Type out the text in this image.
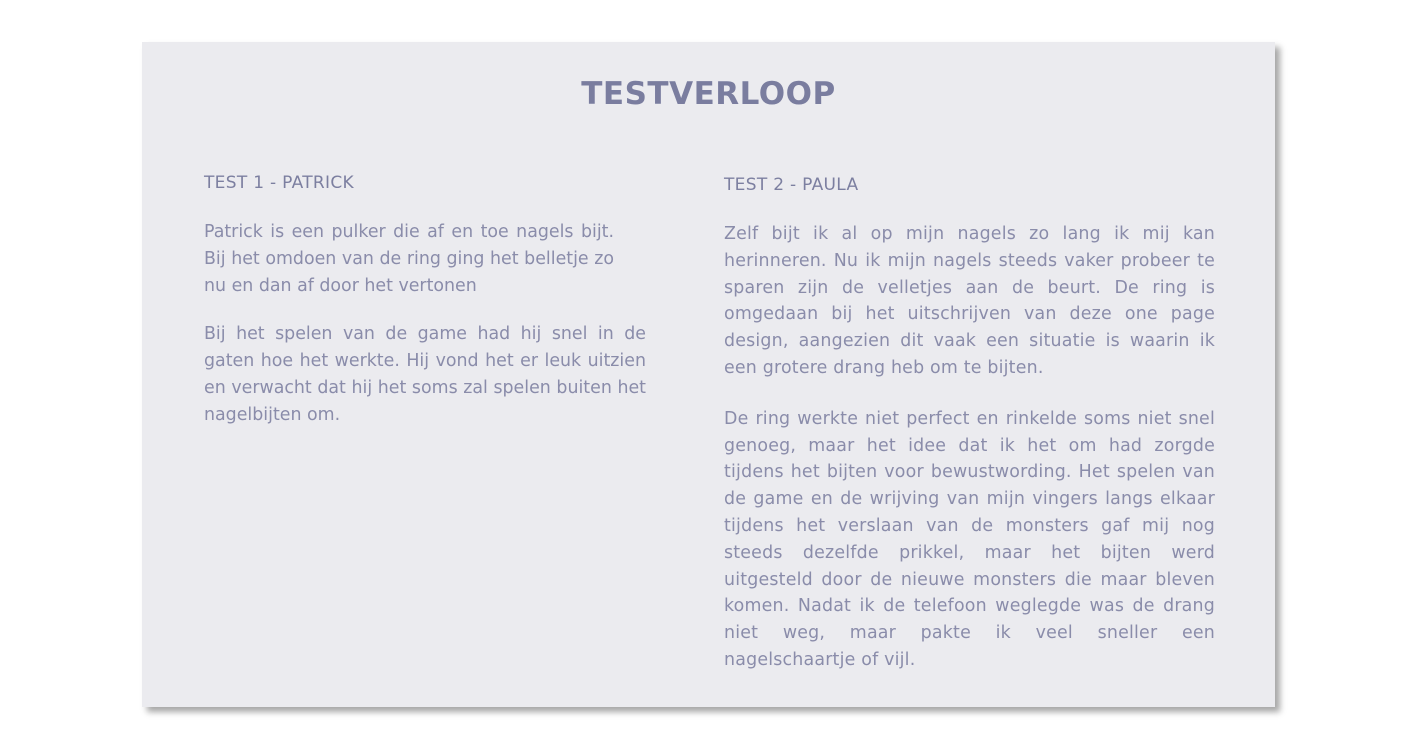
TESTVERLOOP
TEST 1 - PATRICK

Patrick is een pulker die af en toe nagels bijt. Bij het omdoen van de ring ging het belletje zo nu en dan af door het vertonen

Bij het spelen van de game had hij snel in de gaten hoe het werkte. Hij vond het er leuk uitzien en verwacht dat hij het soms zal spelen buiten het nagelbijten om.

TEST 2 - PAULA

Zelf bijt ik al op mijn nagels zo lang ik mij kan herinneren. Nu ik mijn nagels steeds vaker probeer te sparen zijn de velletjes aan de beurt. De ring is omgedaan bij het uitschrijven van deze one page design, aangezien dit vaak een situatie is waarin ik een grotere drang heb om te bijten.

De ring werkte niet perfect en rinkelde soms niet snel genoeg, maar het idee dat ik het om had zorgde tijdens het bijten voor bewustwording. Het spelen van de game en de wrijving van mijn vingers langs elkaar tijdens het verslaan van de monsters gaf mij nog steeds dezelfde prikkel, maar het bijten werd uitgesteld door de nieuwe monsters die maar bleven komen. Nadat ik de telefoon weglegde was de drang niet weg, maar pakte ik veel sneller een nagelschaartje of vijl.
